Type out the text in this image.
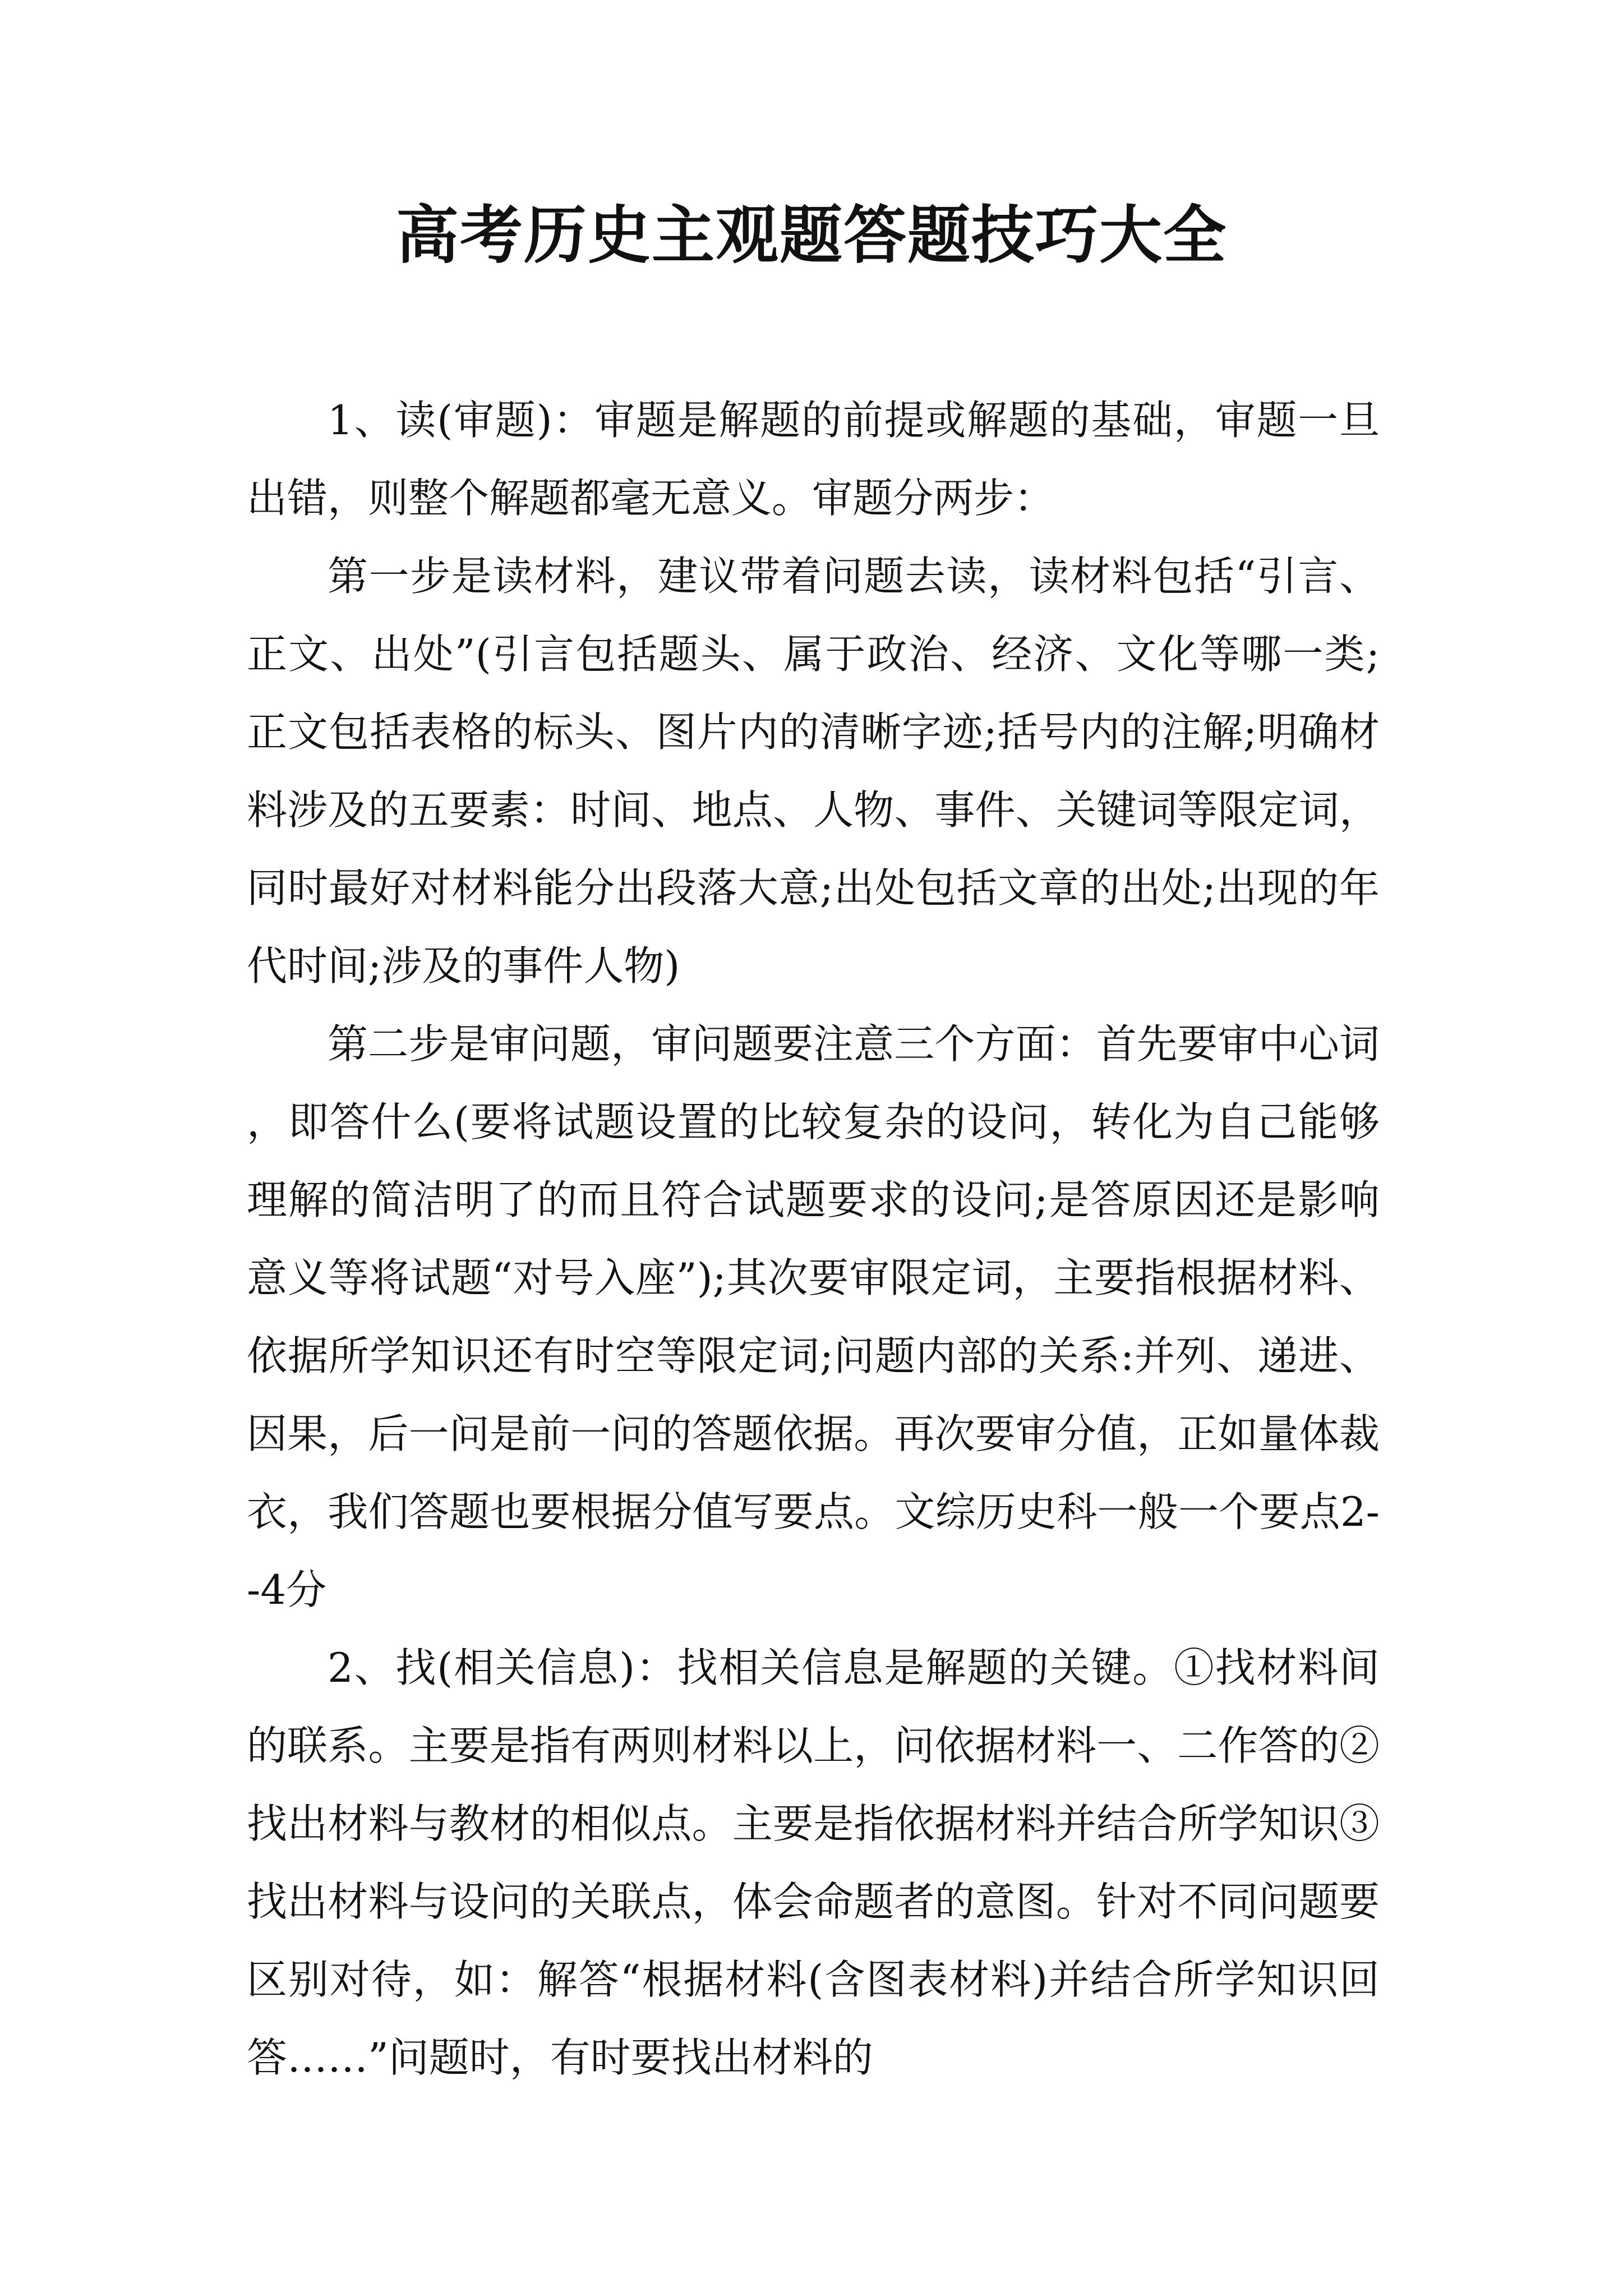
高考历史主观题答题技巧大全

1、读(审题)：审题是解题的前提或解题的基础，审题一旦出错，则整个解题都毫无意义。审题分两步：

第一步是读材料，建议带着问题去读，读材料包括“引言、正文、出处”(引言包括题头、属于政治、经济、文化等哪一类;正文包括表格的标头、图片内的清晰字迹;括号内的注解;明确材料涉及的五要素：时间、地点、人物、事件、关键词等限定词，同时最好对材料能分出段落大意;出处包括文章的出处;出现的年代时间;涉及的事件人物)

第二步是审问题，审问题要注意三个方面：首先要审中心词，即答什么(要将试题设置的比较复杂的设问，转化为自己能够理解的简洁明了的而且符合试题要求的设问;是答原因还是影响意义等将试题“对号入座”);其次要审限定词，主要指根据材料、依据所学知识还有时空等限定词;问题内部的关系:并列、递进、因果，后一问是前一问的答题依据。再次要审分值，正如量体裁衣，我们答题也要根据分值写要点。文综历史科一般一个要点2--4分

2、找(相关信息)：找相关信息是解题的关键。①找材料间的联系。主要是指有两则材料以上，问依据材料一、二作答的②找出材料与教材的相似点。主要是指依据材料并结合所学知识③找出材料与设问的关联点，体会命题者的意图。针对不同问题要区别对待，如：解答“根据材料(含图表材料)并结合所学知识回答……”问题时，有时要找出材料的
